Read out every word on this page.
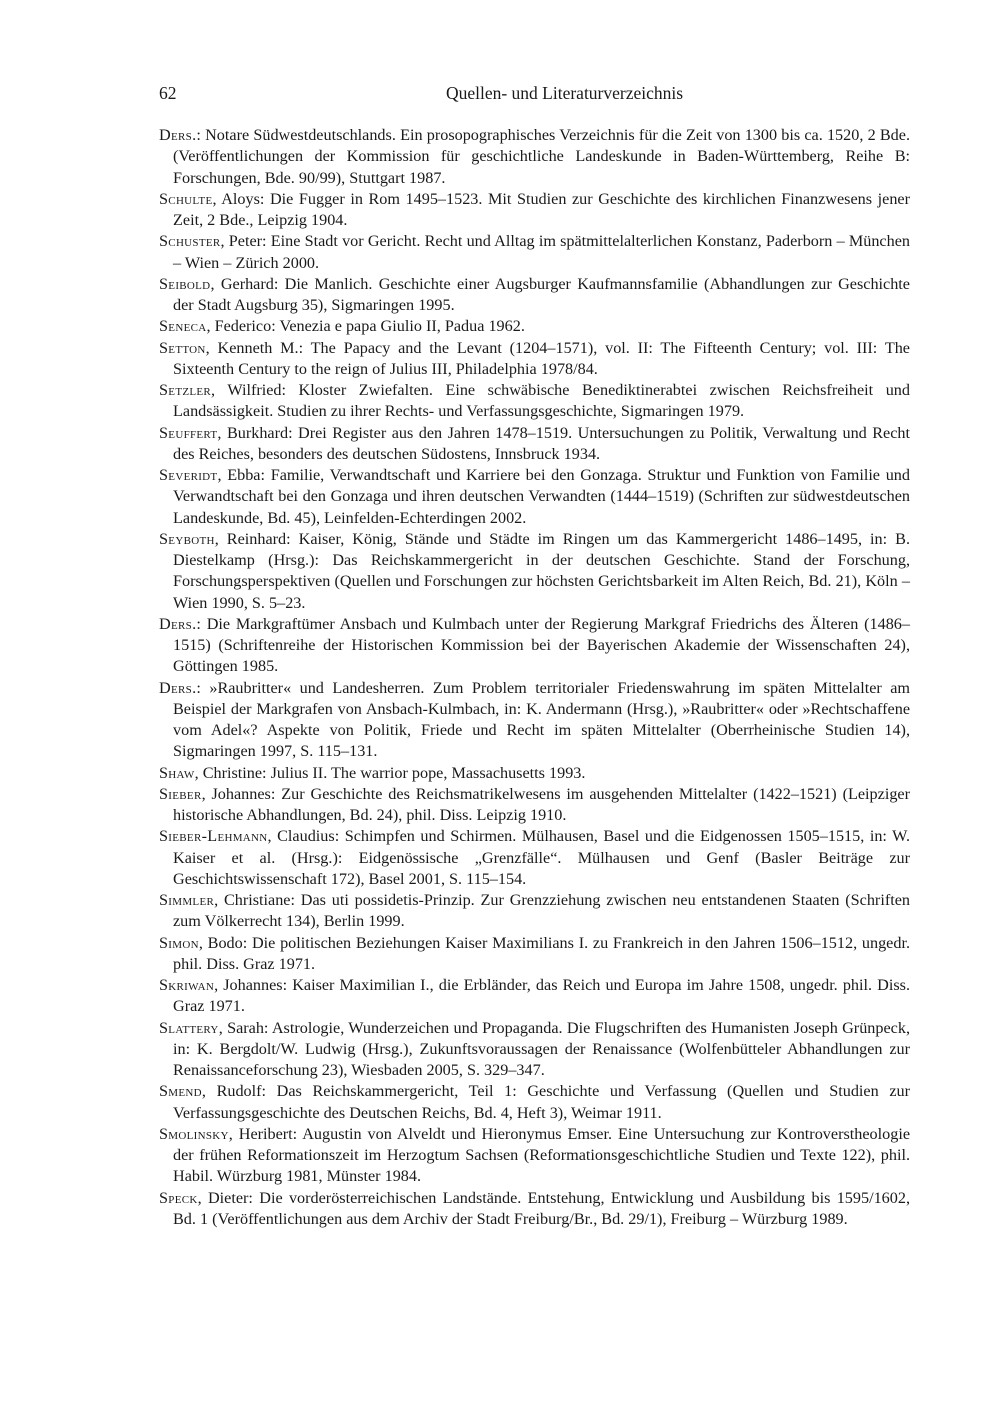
62	Quellen- und Literaturverzeichnis
Ders.: Notare Südwestdeutschlands. Ein prosopographisches Verzeichnis für die Zeit von 1300 bis ca. 1520, 2 Bde. (Veröffentlichungen der Kommission für geschichtliche Landeskunde in Baden-Württemberg, Reihe B: Forschungen, Bde. 90/99), Stuttgart 1987.
Schulte, Aloys: Die Fugger in Rom 1495–1523. Mit Studien zur Geschichte des kirchlichen Finanzwesens jener Zeit, 2 Bde., Leipzig 1904.
Schuster, Peter: Eine Stadt vor Gericht. Recht und Alltag im spätmittelalterlichen Konstanz, Paderborn – München – Wien – Zürich 2000.
Seibold, Gerhard: Die Manlich. Geschichte einer Augsburger Kaufmannsfamilie (Abhandlungen zur Geschichte der Stadt Augsburg 35), Sigmaringen 1995.
Seneca, Federico: Venezia e papa Giulio II, Padua 1962.
Setton, Kenneth M.: The Papacy and the Levant (1204–1571), vol. II: The Fifteenth Century; vol. III: The Sixteenth Century to the reign of Julius III, Philadelphia 1978/84.
Setzler, Wilfried: Kloster Zwiefalten. Eine schwäbische Benediktinerabtei zwischen Reichsfreiheit und Landsässigkeit. Studien zu ihrer Rechts- und Verfassungsgeschichte, Sigmaringen 1979.
Seuffert, Burkhard: Drei Register aus den Jahren 1478–1519. Untersuchungen zu Politik, Verwaltung und Recht des Reiches, besonders des deutschen Südostens, Innsbruck 1934.
Severidt, Ebba: Familie, Verwandtschaft und Karriere bei den Gonzaga. Struktur und Funktion von Familie und Verwandtschaft bei den Gonzaga und ihren deutschen Verwandten (1444–1519) (Schriften zur südwestdeutschen Landeskunde, Bd. 45), Leinfelden-Echterdingen 2002.
Seyboth, Reinhard: Kaiser, König, Stände und Städte im Ringen um das Kammergericht 1486–1495, in: B. Diestelkamp (Hrsg.): Das Reichskammergericht in der deutschen Geschichte. Stand der Forschung, Forschungsperspektiven (Quellen und Forschungen zur höchsten Gerichtsbarkeit im Alten Reich, Bd. 21), Köln – Wien 1990, S. 5–23.
Ders.: Die Markgraftümer Ansbach und Kulmbach unter der Regierung Markgraf Friedrichs des Älteren (1486–1515) (Schriftenreihe der Historischen Kommission bei der Bayerischen Akademie der Wissenschaften 24), Göttingen 1985.
Ders.: »Raubritter« und Landesherren. Zum Problem territorialer Friedenswahrung im späten Mittelalter am Beispiel der Markgrafen von Ansbach-Kulmbach, in: K. Andermann (Hrsg.), »Raubritter« oder »Rechtschaffene vom Adel«? Aspekte von Politik, Friede und Recht im späten Mittelalter (Oberrheinische Studien 14), Sigmaringen 1997, S. 115–131.
Shaw, Christine: Julius II. The warrior pope, Massachusetts 1993.
Sieber, Johannes: Zur Geschichte des Reichsmatrikelwesens im ausgehenden Mittelalter (1422–1521) (Leipziger historische Abhandlungen, Bd. 24), phil. Diss. Leipzig 1910.
Sieber-Lehmann, Claudius: Schimpfen und Schirmen. Mülhausen, Basel und die Eidgenossen 1505–1515, in: W. Kaiser et al. (Hrsg.): Eidgenössische „Grenzfälle“. Mülhausen und Genf (Basler Beiträge zur Geschichtswissenschaft 172), Basel 2001, S. 115–154.
Simmler, Christiane: Das uti possidetis-Prinzip. Zur Grenzziehung zwischen neu entstandenen Staaten (Schriften zum Völkerrecht 134), Berlin 1999.
Simon, Bodo: Die politischen Beziehungen Kaiser Maximilians I. zu Frankreich in den Jahren 1506–1512, ungedr. phil. Diss. Graz 1971.
Skriwan, Johannes: Kaiser Maximilian I., die Erbländer, das Reich und Europa im Jahre 1508, ungedr. phil. Diss. Graz 1971.
Slattery, Sarah: Astrologie, Wunderzeichen und Propaganda. Die Flugschriften des Humanisten Joseph Grünpeck, in: K. Bergdolt/W. Ludwig (Hrsg.), Zukunftsvoraussagen der Renaissance (Wolfenbütteler Abhandlungen zur Renaissanceforschung 23), Wiesbaden 2005, S. 329–347.
Smend, Rudolf: Das Reichskammergericht, Teil 1: Geschichte und Verfassung (Quellen und Studien zur Verfassungsgeschichte des Deutschen Reichs, Bd. 4, Heft 3), Weimar 1911.
Smolinsky, Heribert: Augustin von Alveldt und Hieronymus Emser. Eine Untersuchung zur Kontroverstheologie der frühen Reformationszeit im Herzogtum Sachsen (Reformationsgeschichtliche Studien und Texte 122), phil. Habil. Würzburg 1981, Münster 1984.
Speck, Dieter: Die vorderösterreichischen Landstände. Entstehung, Entwicklung und Ausbildung bis 1595/1602, Bd. 1 (Veröffentlichungen aus dem Archiv der Stadt Freiburg/Br., Bd. 29/1), Freiburg – Würzburg 1989.
